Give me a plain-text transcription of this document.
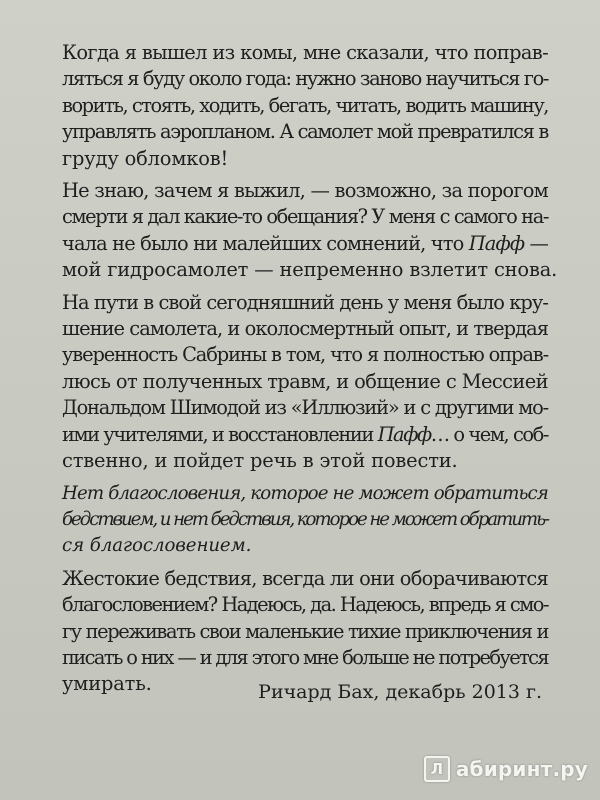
Когда я вышел из комы, мне сказали, что поправ-
ляться я буду около года: нужно заново научиться го-
ворить, стоять, ходить, бегать, читать, водить машину,
управлять аэропланом. А самолет мой превратился в
груду обломков!

Не знаю, зачем я выжил, — возможно, за порогом
смерти я дал какие-то обещания? У меня с самого на-
чала не было ни малейших сомнений, что Пафф —
мой гидросамолет — непременно взлетит снова.

На пути в свой сегодняшний день у меня было кру-
шение самолета, и околосмертный опыт, и твердая
уверенность Сабрины в том, что я полностью оправ-
люсь от полученных травм, и общение с Мессией
Дональдом Шимодой из «Иллюзий» и с другими мо-
ими учителями, и восстановлении Пафф… о чем, соб-
ственно, и пойдет речь в этой повести.

Нет благословения, которое не может обратиться
бедствием, и нет бедствия, которое не может обратить-
ся благословением.

Жестокие бедствия, всегда ли они оборачиваются
благословением? Надеюсь, да. Надеюсь, впредь я смо-
гу переживать свои маленькие тихие приключения и
писать о них — и для этого мне больше не потребуется
умирать.	Ричард Бах, декабрь 2013 г.
Л абиринт.ру
